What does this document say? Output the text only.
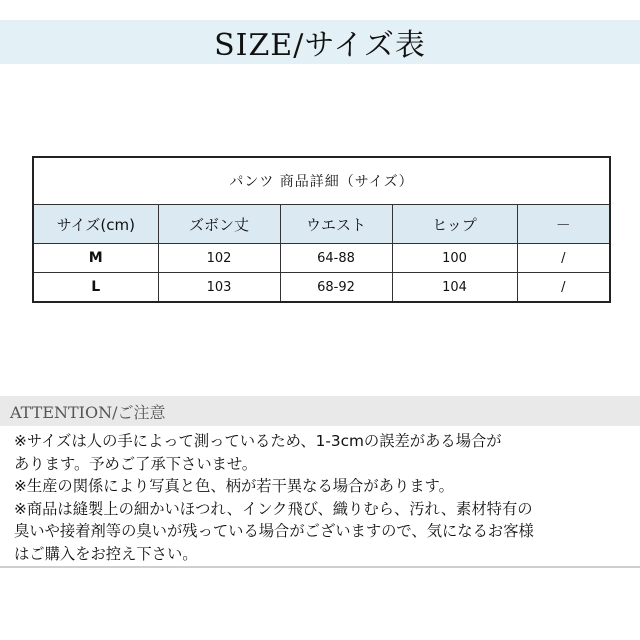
SIZE/サイズ表
パンツ 商品詳細（サイズ）				
サイズ(cm)	ズボン丈	ウエスト	ヒップ	－
M	102	64-88	100	/
L	103	68-92	104	/
ATTENTION/ご注意
※サイズは人の手によって測っているため、1-3cmの誤差がある場合が
あります。予めご了承下さいませ。
※生産の関係により写真と色、柄が若干異なる場合があります。
※商品は縫製上の細かいほつれ、インク飛び、織りむら、汚れ、素材特有の
臭いや接着剤等の臭いが残っている場合がございますので、気になるお客様
はご購入をお控え下さい。
